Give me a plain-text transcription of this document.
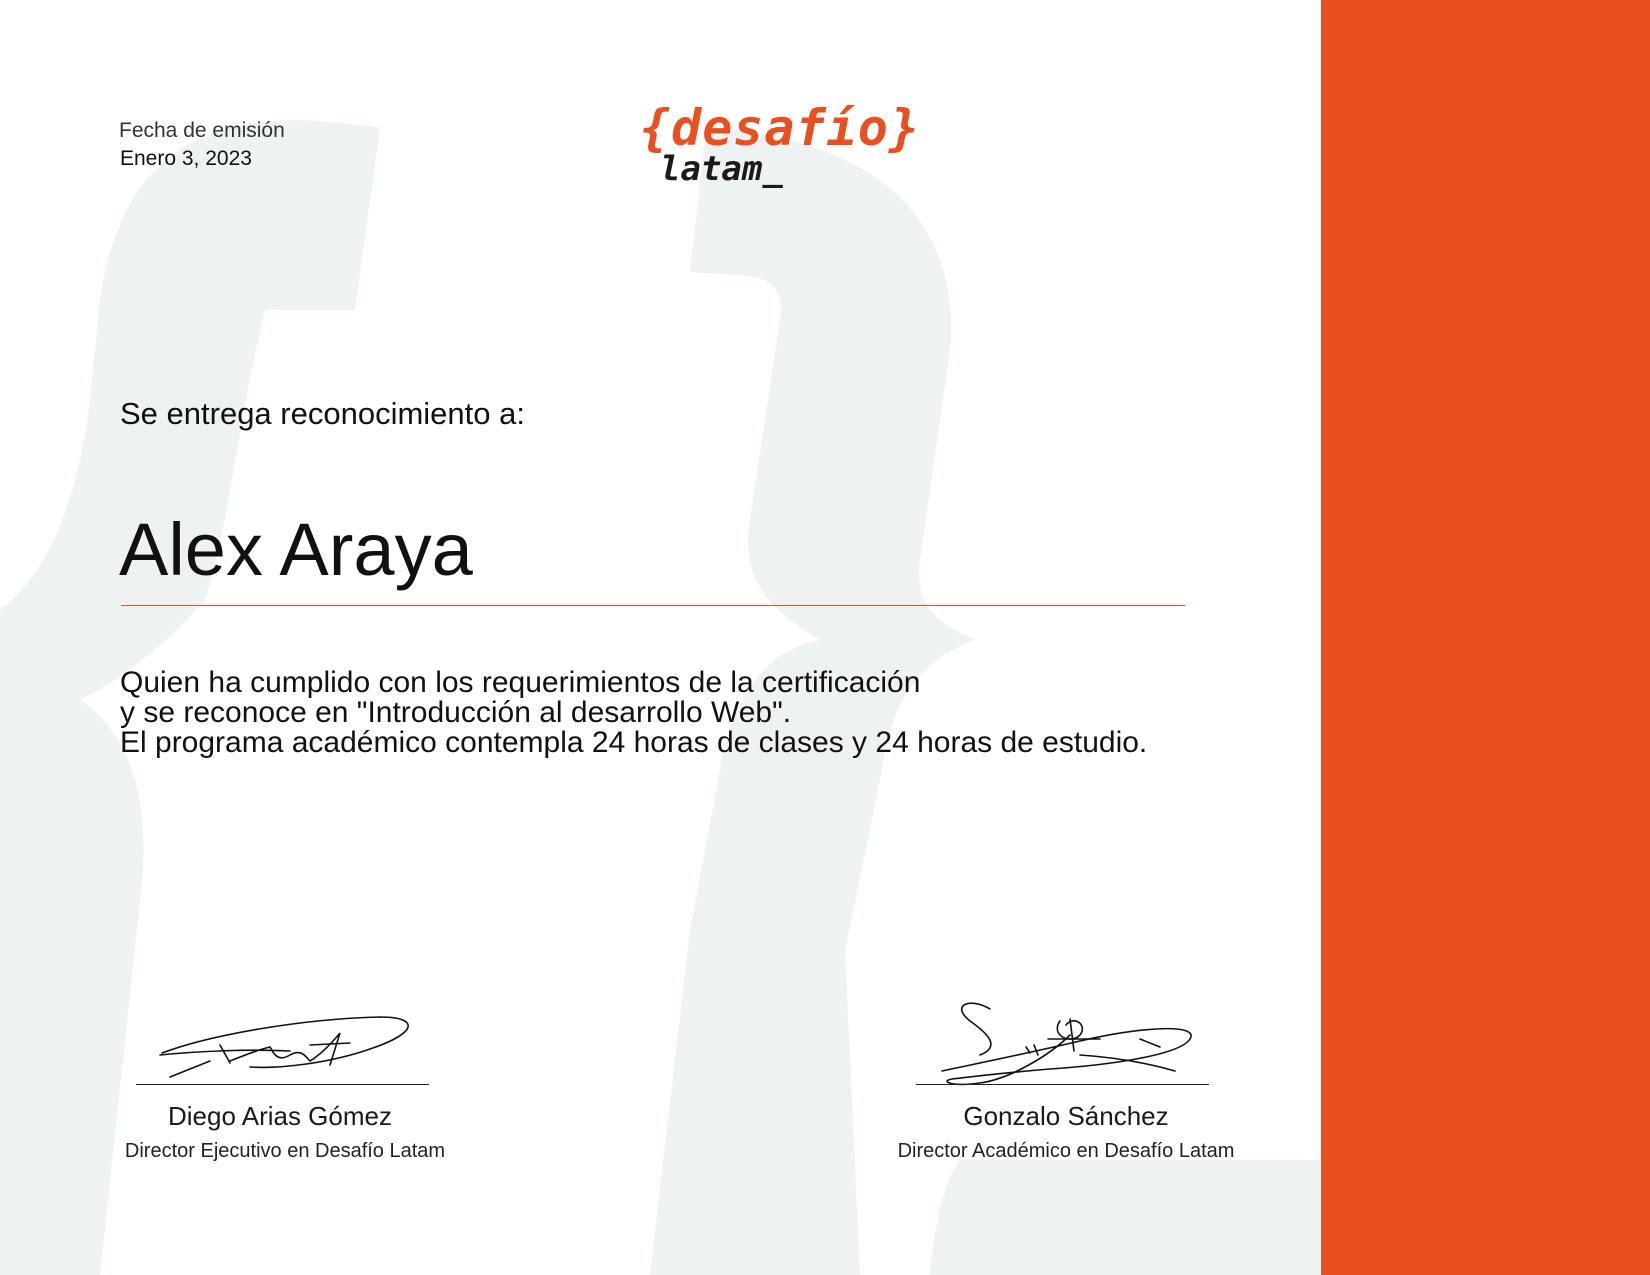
Fecha de emisión
Enero 3, 2023
{desafío}
latam_
Se entrega reconocimiento a:
Alex Araya
Quien ha cumplido con los requerimientos de la certificación
y se reconoce en "Introducción al desarrollo Web".
El programa académico contempla 24 horas de clases y 24 horas de estudio.
Diego Arias Gómez
Director Ejecutivo en Desafío Latam
Gonzalo Sánchez
Director Académico en Desafío Latam
